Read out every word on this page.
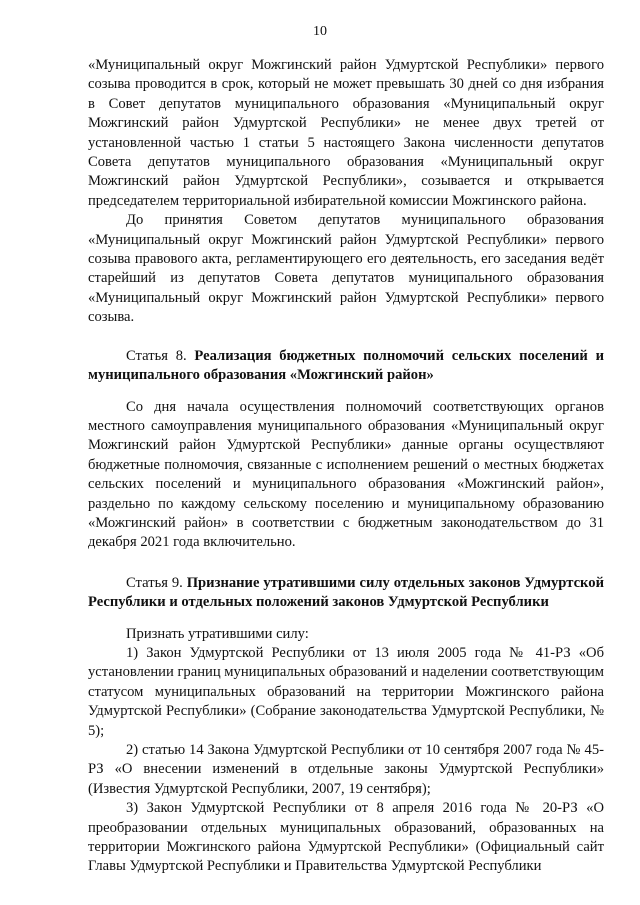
10

«Муниципальный округ Можгинский район Удмуртской Республики» первого созыва проводится в срок, который не может превышать 30 дней со дня избрания в Совет депутатов муниципального образования «Муниципальный округ Можгинский район Удмуртской Республики» не менее двух третей от установленной частью 1 статьи 5 настоящего Закона численности депутатов Совета депутатов муниципального образования «Муниципальный округ Можгинский район Удмуртской Республики», созывается и открывается председателем территориальной избирательной комиссии Можгинского района.

До принятия Советом депутатов муниципального образования «Муниципальный округ Можгинский район Удмуртской Республики» первого созыва правового акта, регламентирующего его деятельность, его заседания ведёт старейший из депутатов Совета депутатов муниципального образования «Муниципальный округ Можгинский район Удмуртской Республики» первого созыва.

Статья 8. Реализация бюджетных полномочий сельских поселений и муниципального образования «Можгинский район»

Со дня начала осуществления полномочий соответствующих органов местного самоуправления муниципального образования «Муниципальный округ Можгинский район Удмуртской Республики» данные органы осуществляют бюджетные полномочия, связанные с исполнением решений о местных бюджетах сельских поселений и муниципального образования «Можгинский район», раздельно по каждому сельскому поселению и муниципальному образованию «Можгинский район» в соответствии с бюджетным законодательством до 31 декабря 2021 года включительно.

Статья 9. Признание утратившими силу отдельных законов Удмуртской Республики и отдельных положений законов Удмуртской Республики

Признать утратившими силу:

1) Закон Удмуртской Республики от 13 июля 2005 года № 41-РЗ «Об установлении границ муниципальных образований и наделении соответствующим статусом муниципальных образований на территории Можгинского района Удмуртской Республики» (Собрание законодательства Удмуртской Республики, № 5);

2) статью 14 Закона Удмуртской Республики от 10 сентября 2007 года № 45-РЗ «О внесении изменений в отдельные законы Удмуртской Республики» (Известия Удмуртской Республики, 2007, 19 сентября);

3) Закон Удмуртской Республики от 8 апреля 2016 года № 20-РЗ «О преобразовании отдельных муниципальных образований, образованных на территории Можгинского района Удмуртской Республики» (Официальный сайт Главы Удмуртской Республики и Правительства Удмуртской Республики
